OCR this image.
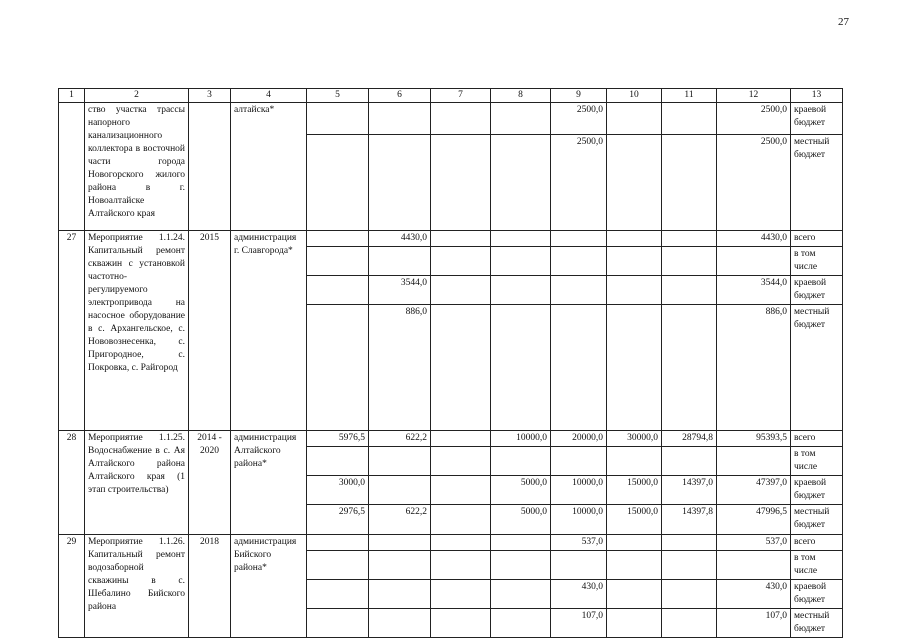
27
1	2	3	4	5	6	7	8	9	10	11	12	13
	ство участка трассы напорного канализационного коллектора в восточной части города Новогорского жилого района в г. Новоалтайске Алтайского края		алтайска*					2500,0			2500,0	краевой бюджет
								2500,0			2500,0	местный бюджет
27	Мероприятие 1.1.24. Капитальный ремонт скважин с установкой частотно-регулируемого электропривода на насосное оборудование в с. Архангельское, с. Нововознесенка, с. Пригородное, с. Покровка, с. Райгород	2015	администрация г. Славгорода*		4430,0						4430,0	всего
												в том числе
					3544,0						3544,0	краевой бюджет
					886,0						886,0	местный бюджет
28	Мероприятие 1.1.25. Водоснабжение в с. Ая Алтайского района Алтайского края (1 этап строительства)	2014 - 2020	администрация Алтайского района*	5976,5	622,2		10000,0	20000,0	30000,0	28794,8	95393,5	всего
												в том числе
				3000,0			5000,0	10000,0	15000,0	14397,0	47397,0	краевой бюджет
				2976,5	622,2		5000,0	10000,0	15000,0	14397,8	47996,5	местный бюджет
29	Мероприятие 1.1.26. Капитальный ремонт водозаборной скважины в с. Шебалино Бийского района	2018	администрация Бийского района*					537,0			537,0	всего
												в том числе
								430,0			430,0	краевой бюджет
								107,0			107,0	местный бюджет
